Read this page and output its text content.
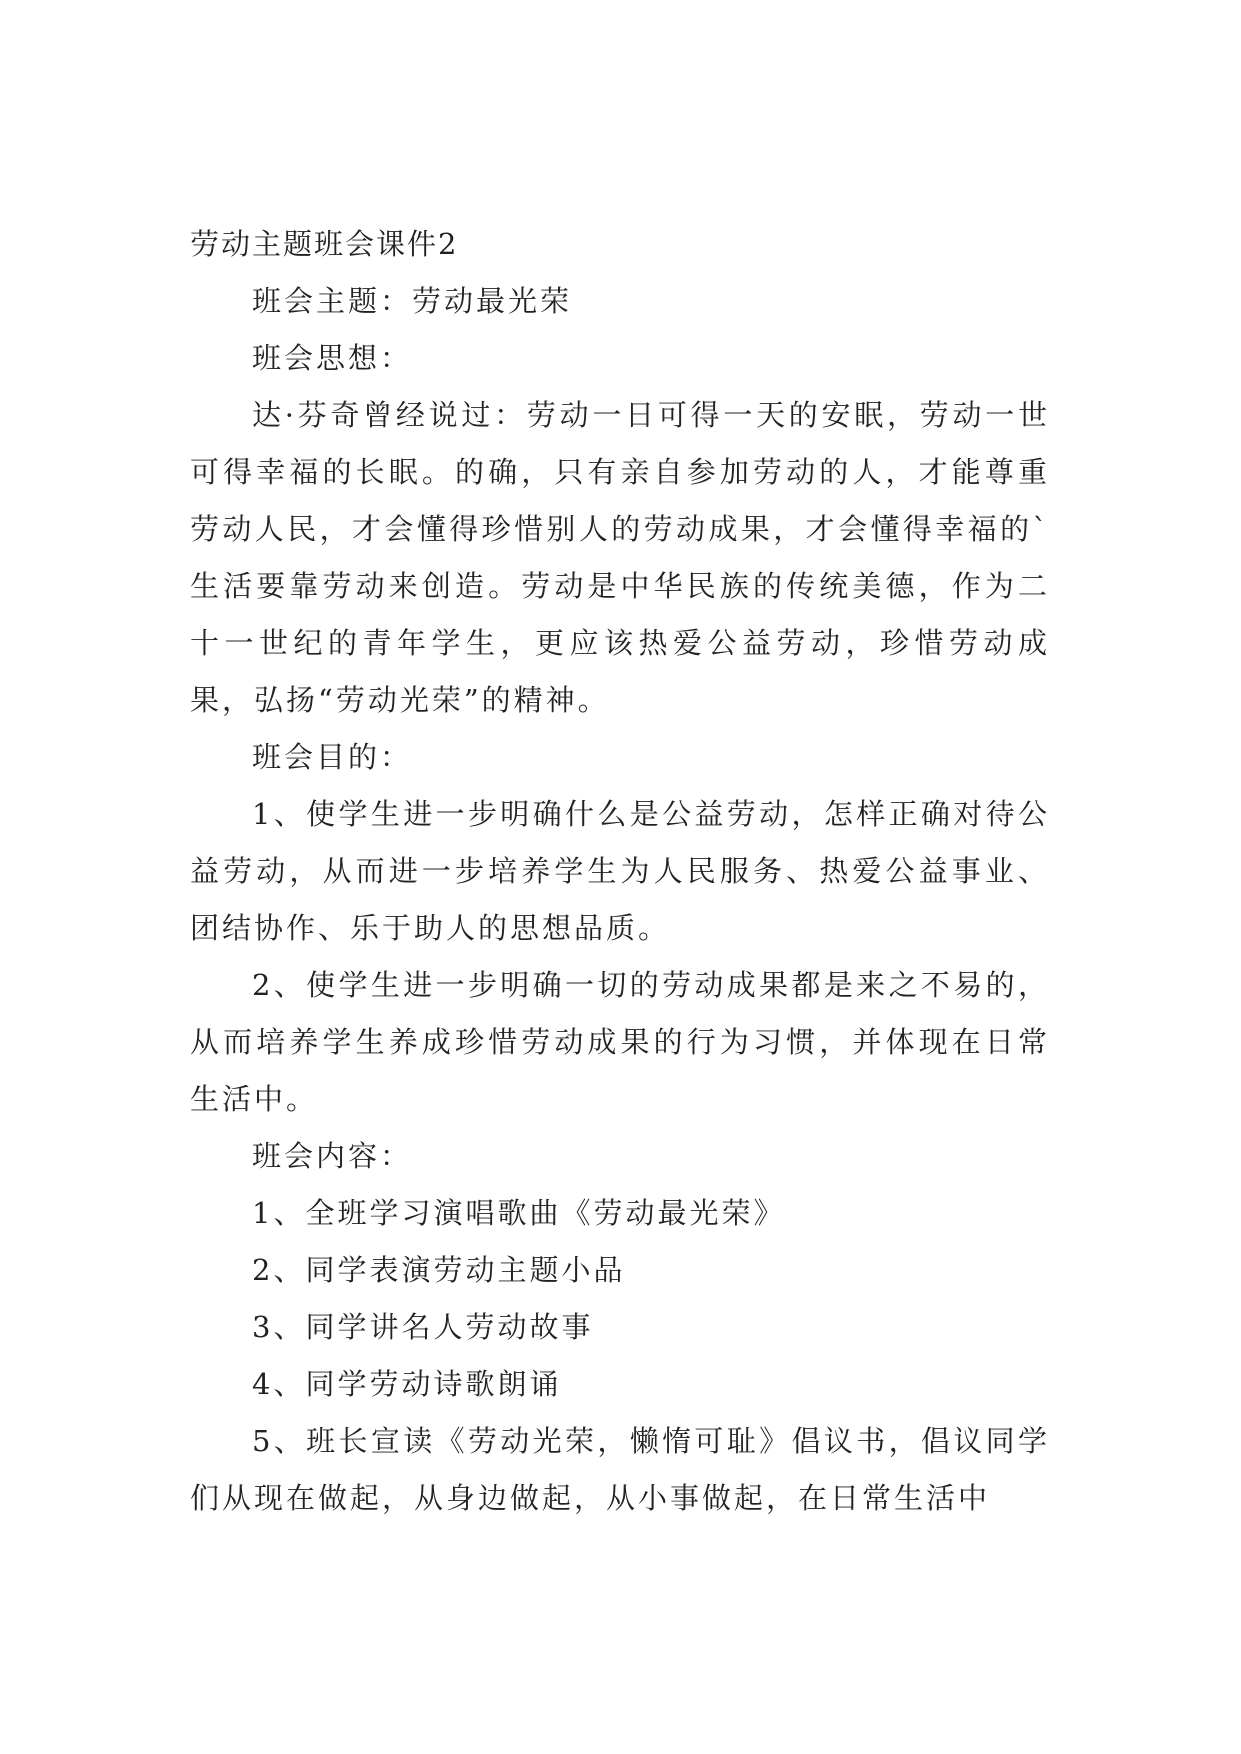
劳动主题班会课件2

班会主题：劳动最光荣

班会思想：

达·芬奇曾经说过：劳动一日可得一天的安眠，劳动一世可得幸福的长眠。的确，只有亲自参加劳动的人，才能尊重劳动人民，才会懂得珍惜别人的劳动成果，才会懂得幸福的`生活要靠劳动来创造。劳动是中华民族的传统美德，作为二十一世纪的青年学生，更应该热爱公益劳动，珍惜劳动成果，弘扬“劳动光荣”的精神。

班会目的：

1、使学生进一步明确什么是公益劳动，怎样正确对待公益劳动，从而进一步培养学生为人民服务、热爱公益事业、团结协作、乐于助人的思想品质。

2、使学生进一步明确一切的劳动成果都是来之不易的，从而培养学生养成珍惜劳动成果的行为习惯，并体现在日常生活中。

班会内容：

1、全班学习演唱歌曲《劳动最光荣》

2、同学表演劳动主题小品

3、同学讲名人劳动故事

4、同学劳动诗歌朗诵

5、班长宣读《劳动光荣，懒惰可耻》倡议书，倡议同学们从现在做起，从身边做起，从小事做起，在日常生活中
